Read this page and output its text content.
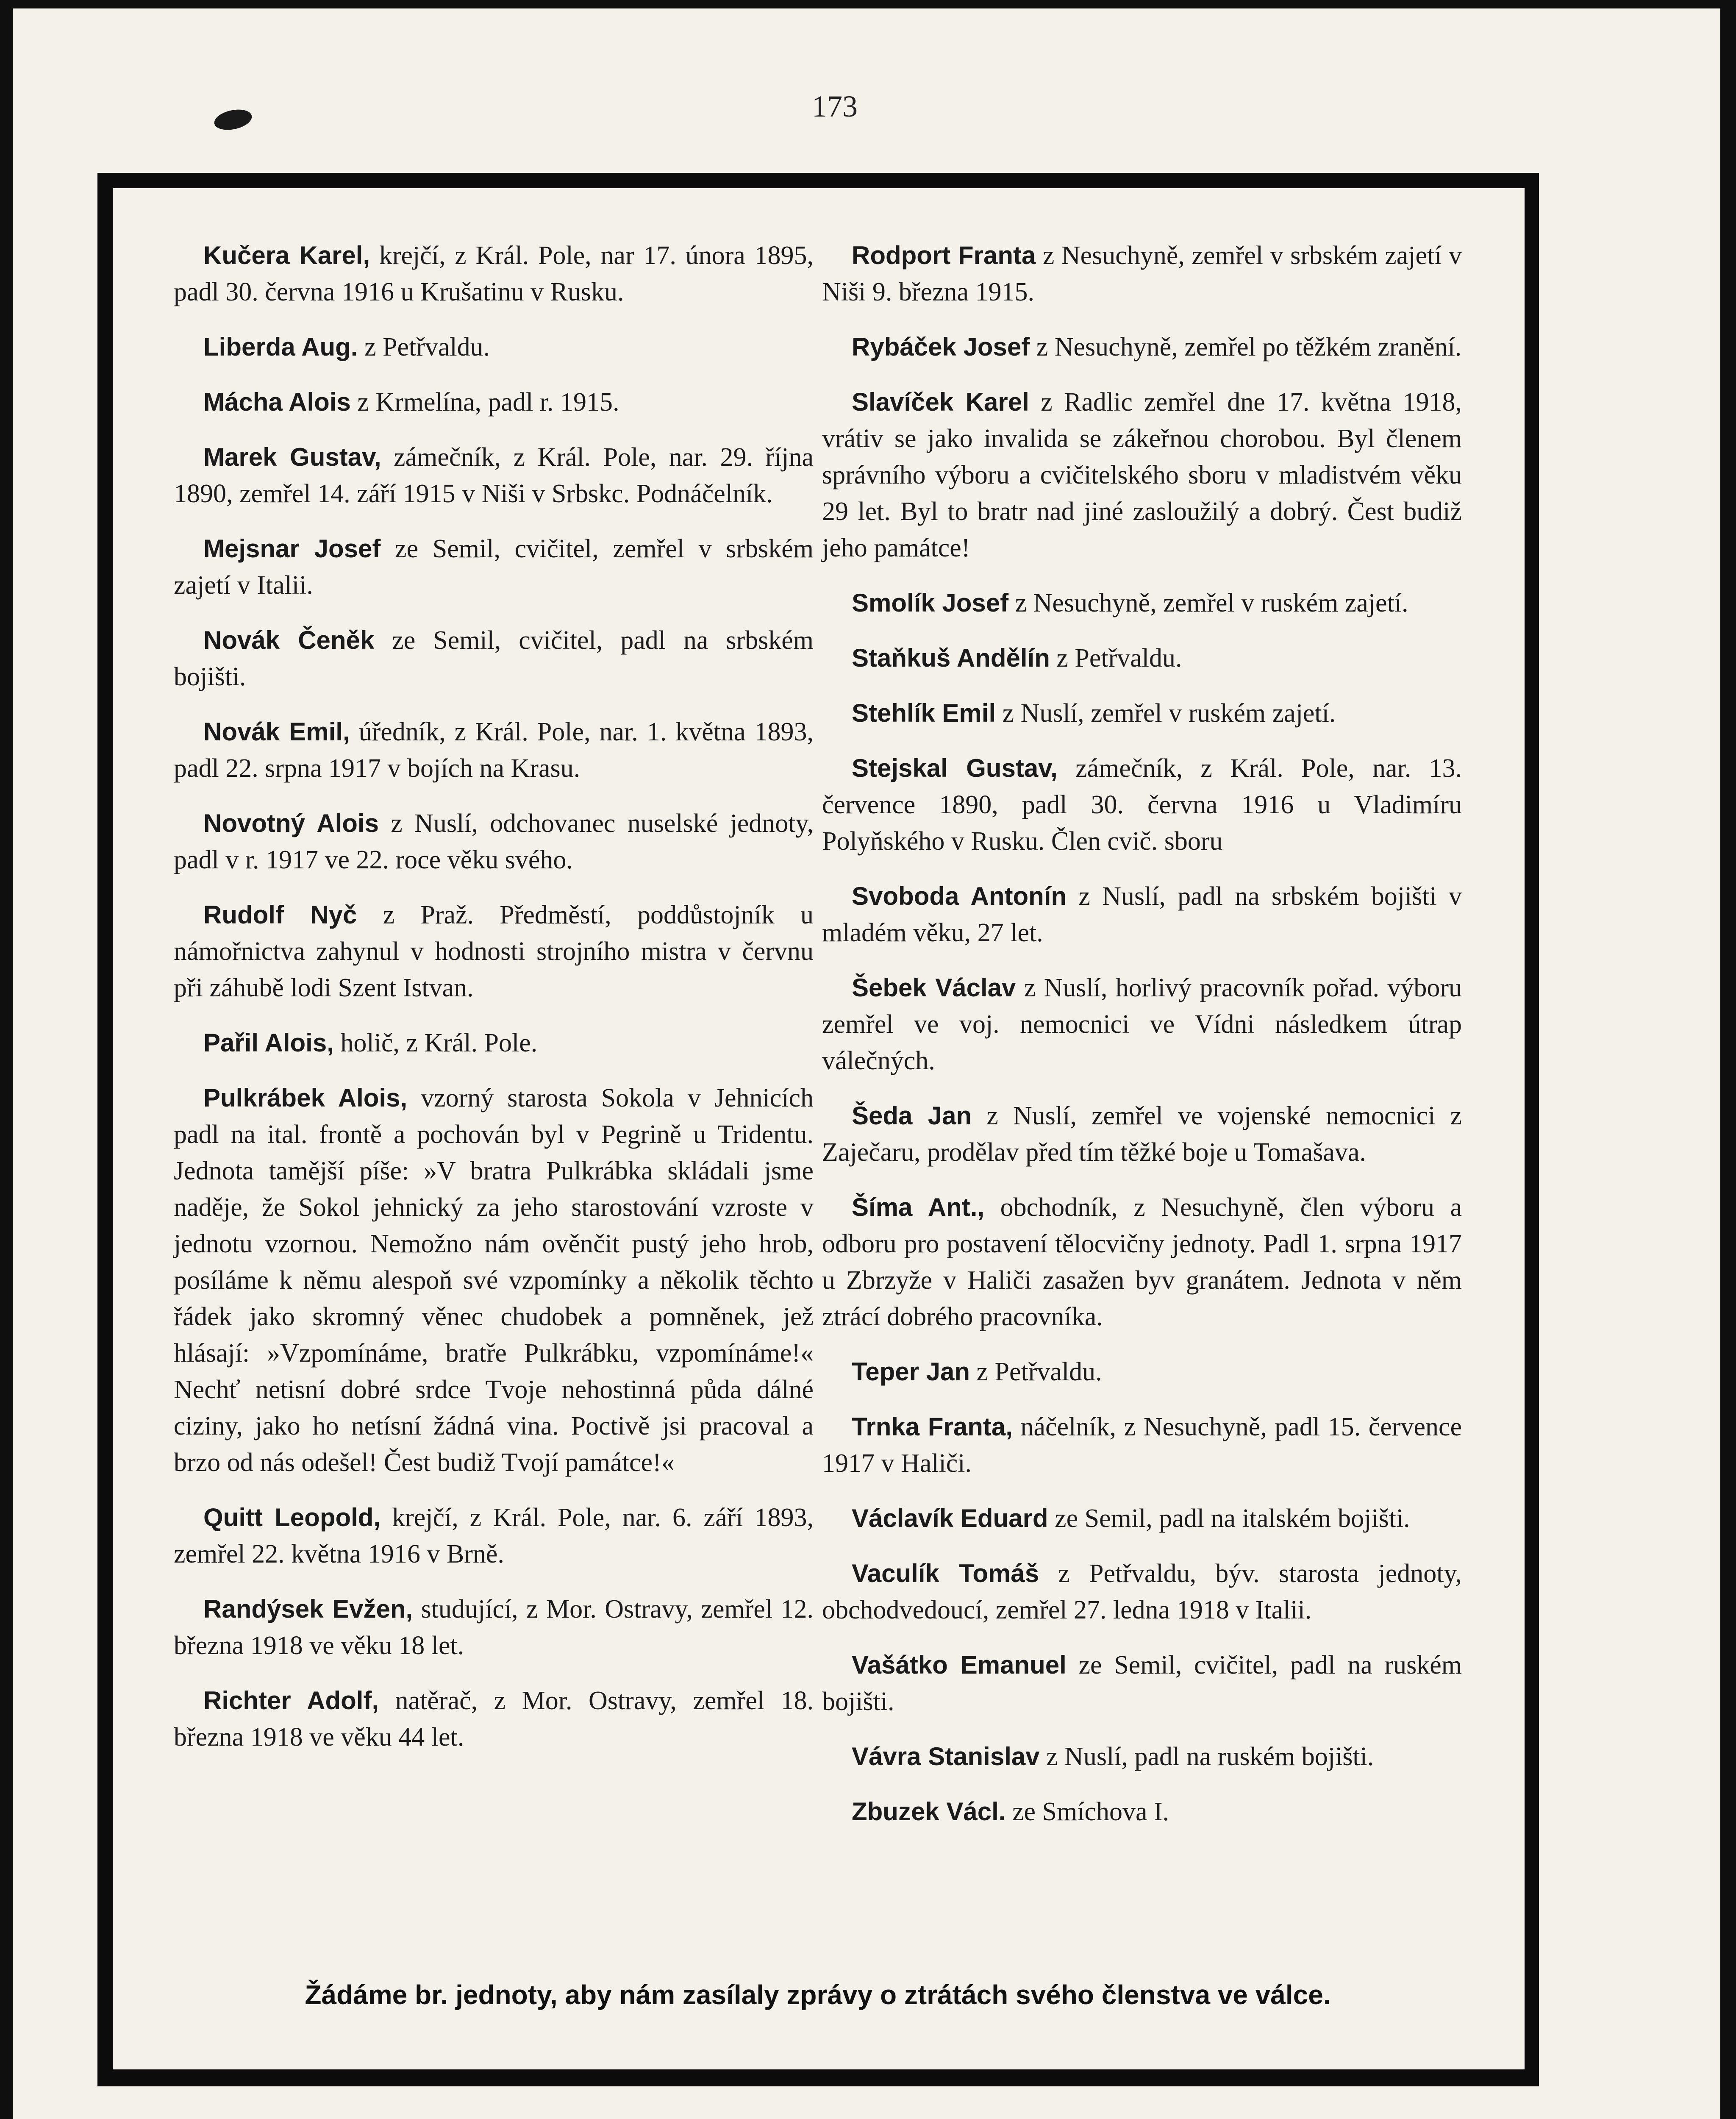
173

Kučera Karel, krejčí, z Král. Pole, nar 17. února 1895, padl 30. června 1916 u Krušatinu v Rusku.

Liberda Aug. z Petřvaldu.

Mácha Alois z Krmelína, padl r. 1915.

Marek Gustav, zámečník, z Král. Pole, nar. 29. října 1890, zemřel 14. září 1915 v Niši v Srbskc. Podnáčelník.

Mejsnar Josef ze Semil, cvičitel, zemřel v srbském zajetí v Italii.

Novák Čeněk ze Semil, cvičitel, padl na srbském bojišti.

Novák Emil, úředník, z Král. Pole, nar. 1. května 1893, padl 22. srpna 1917 v bojích na Krasu.

Novotný Alois z Nuslí, odchovanec nuselské jednoty, padl v r. 1917 ve 22. roce věku svého.

Rudolf Nyč z Praž. Předměstí, poddůstojník u námořnictva zahynul v hodnosti strojního mistra v červnu při záhubě lodi Szent Istvan.

Pařil Alois, holič, z Král. Pole.

Pulkrábek Alois, vzorný starosta Sokola v Jehnicích padl na ital. frontě a pochován byl v Pegrině u Tridentu. Jednota tamější píše: »V bratra Pulkrábka skládali jsme naděje, že Sokol jehnický za jeho starostování vzroste v jednotu vzornou. Nemožno nám ověnčit pustý jeho hrob, posíláme k němu alespoň své vzpomínky a několik těchto řádek jako skromný věnec chudobek a pomněnek, jež hlásají: »Vzpomínáme, bratře Pulkrábku, vzpomínáme!« Nechť netisní dobré srdce Tvoje nehostinná půda dálné ciziny, jako ho netísní žádná vina. Poctivě jsi pracoval a brzo od nás odešel! Čest budiž Tvojí památce!«

Quitt Leopold, krejčí, z Král. Pole, nar. 6. září 1893, zemřel 22. května 1916 v Brně.

Randýsek Evžen, studující, z Mor. Ostravy, zemřel 12. března 1918 ve věku 18 let.

Richter Adolf, natěrač, z Mor. Ostravy, zemřel 18. března 1918 ve věku 44 let.

Rodport Franta z Nesuchyně, zemřel v srbském zajetí v Niši 9. března 1915.

Rybáček Josef z Nesuchyně, zemřel po těžkém zranění.

Slavíček Karel z Radlic zemřel dne 17. května 1918, vrátiv se jako invalida se zákeřnou chorobou. Byl členem správního výboru a cvičitelského sboru v mladistvém věku 29 let. Byl to bratr nad jiné zasloužilý a dobrý. Čest budiž jeho památce!

Smolík Josef z Nesuchyně, zemřel v ruském zajetí.

Staňkuš Andělín z Petřvaldu.

Stehlík Emil z Nuslí, zemřel v ruském zajetí.

Stejskal Gustav, zámečník, z Král. Pole, nar. 13. července 1890, padl 30. června 1916 u Vladimíru Polyňského v Rusku. Člen cvič. sboru

Svoboda Antonín z Nuslí, padl na srbském bojišti v mladém věku, 27 let.

Šebek Václav z Nuslí, horlivý pracovník pořad. výboru zemřel ve voj. nemocnici ve Vídni následkem útrap válečných.

Šeda Jan z Nuslí, zemřel ve vojenské nemocnici z Zaječaru, prodělav před tím těžké boje u Tomašava.

Šíma Ant., obchodník, z Nesuchyně, člen výboru a odboru pro postavení tělocvičny jednoty. Padl 1. srpna 1917 u Zbrzyže v Haliči zasažen byv granátem. Jednota v něm ztrácí dobrého pracovníka.

Teper Jan z Petřvaldu.

Trnka Franta, náčelník, z Nesuchyně, padl 15. července 1917 v Haliči.

Václavík Eduard ze Semil, padl na italském bojišti.

Vaculík Tomáš z Petřvaldu, býv. starosta jednoty, obchodvedoucí, zemřel 27. ledna 1918 v Italii.

Vašátko Emanuel ze Semil, cvičitel, padl na ruském bojišti.

Vávra Stanislav z Nuslí, padl na ruském bojišti.

Zbuzek Václ. ze Smíchova I.

Žádáme br. jednoty, aby nám zasílaly zprávy o ztrátách svého členstva ve válce.
